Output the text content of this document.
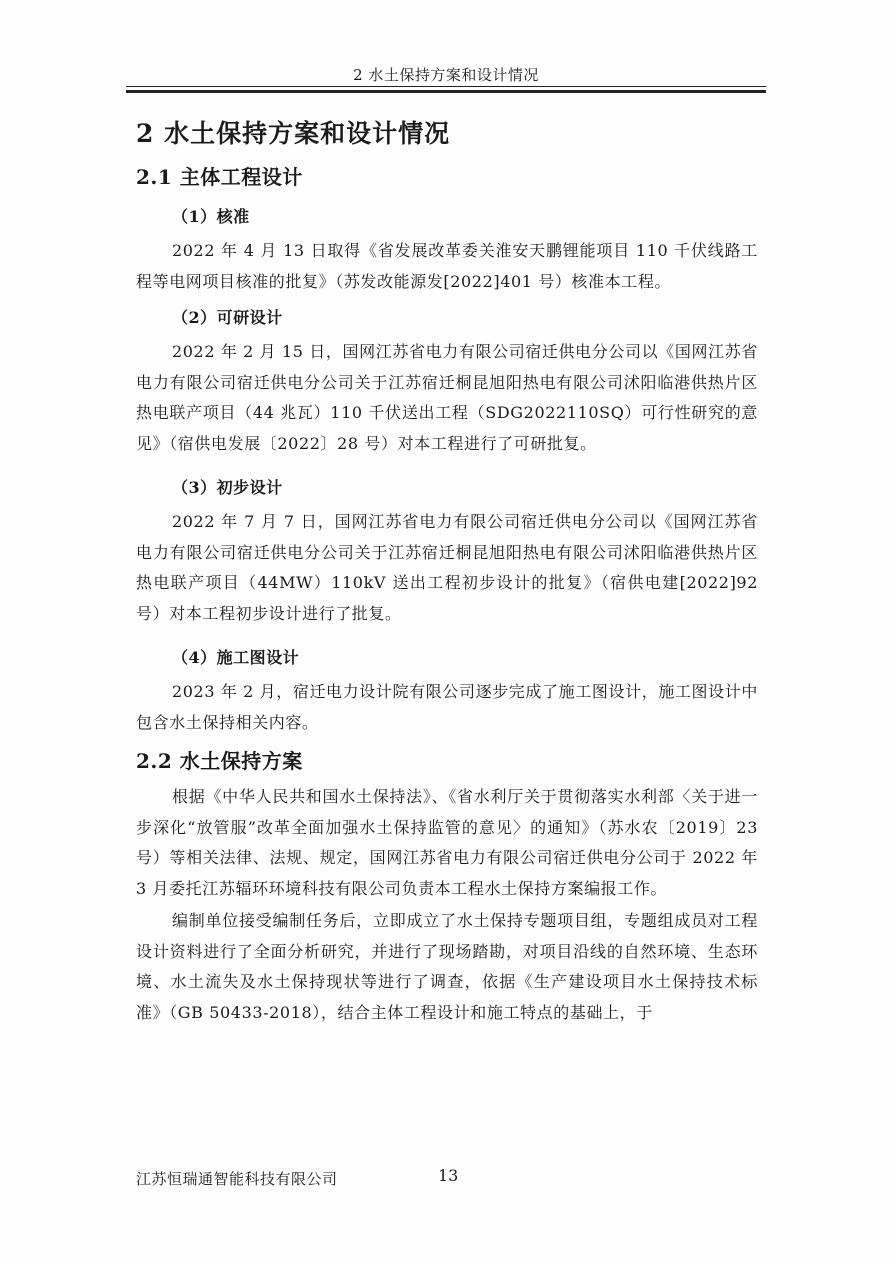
2 水土保持方案和设计情况
2 水土保持方案和设计情况
2.1 主体工程设计
（1）核准

2022 年 4 月 13 日取得《省发展改革委关淮安天鹏锂能项目 110 千伏线路工程等电网项目核准的批复》（苏发改能源发[2022]401 号）核准本工程。

（2）可研设计

2022 年 2 月 15 日，国网江苏省电力有限公司宿迁供电分公司以《国网江苏省电力有限公司宿迁供电分公司关于江苏宿迁桐昆旭阳热电有限公司沭阳临港供热片区热电联产项目（44 兆瓦）110 千伏送出工程（SDG2022110SQ）可行性研究的意见》（宿供电发展〔2022〕28 号）对本工程进行了可研批复。

（3）初步设计

2022 年 7 月 7 日，国网江苏省电力有限公司宿迁供电分公司以《国网江苏省电力有限公司宿迁供电分公司关于江苏宿迁桐昆旭阳热电有限公司沭阳临港供热片区热电联产项目（44MW）110kV 送出工程初步设计的批复》（宿供电建[2022]92 号）对本工程初步设计进行了批复。

（4）施工图设计

2023 年 2 月，宿迁电力设计院有限公司逐步完成了施工图设计，施工图设计中包含水土保持相关内容。

2.2 水土保持方案

根据《中华人民共和国水土保持法》、《省水利厅关于贯彻落实水利部〈关于进一步深化“放管服”改革全面加强水土保持监管的意见〉的通知》（苏水农〔2019〕23 号）等相关法律、法规、规定，国网江苏省电力有限公司宿迁供电分公司于 2022 年 3 月委托江苏辐环环境科技有限公司负责本工程水土保持方案编报工作。

编制单位接受编制任务后，立即成立了水土保持专题项目组，专题组成员对工程设计资料进行了全面分析研究，并进行了现场踏勘，对项目沿线的自然环境、生态环境、水土流失及水土保持现状等进行了调查，依据《生产建设项目水土保持技术标准》（GB 50433-2018），结合主体工程设计和施工特点的基础上，于

江苏恒瑞通智能科技有限公司	13
